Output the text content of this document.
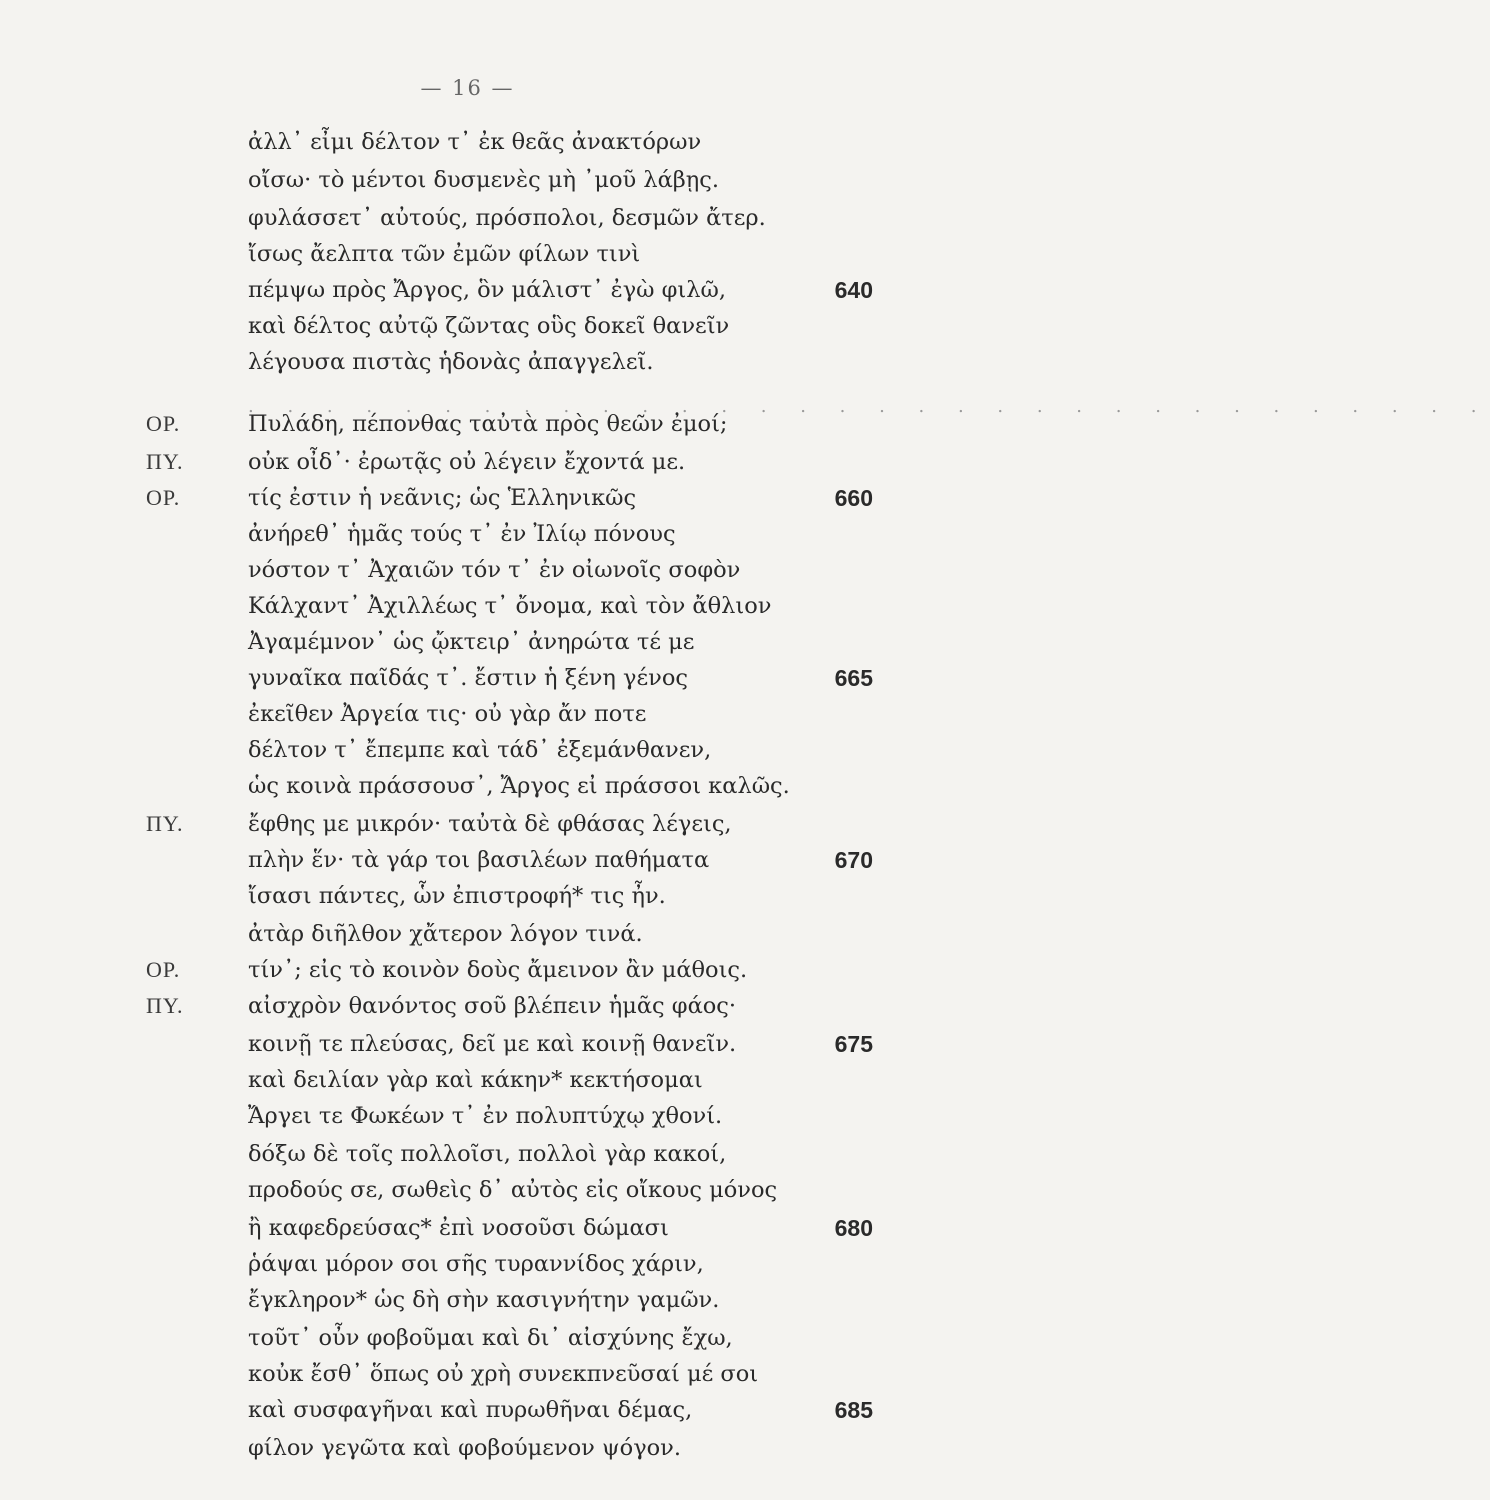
— 16 —
. . . . . . . . . . . . . . . . . . . . . . . . . . . . . . . .
ἀλλ᾽ εἶμι δέλτον τ᾽ ἐκ θεᾶς ἀνακτόρων
οἴσω· τὸ μέντοι δυσμενὲς μὴ ᾽μοῦ λάβῃς.
φυλάσσετ᾽ αὐτούς, πρόσπολοι, δεσμῶν ἄτερ.
ἴσως ἄελπτα τῶν ἐμῶν φίλων τινὶ
πέμψω πρὸς Ἄργος, ὃν μάλιστ᾽ ἐγὼ φιλῶ,	640
καὶ δέλτος αὐτῷ ζῶντας οὓς δοκεῖ θανεῖν
λέγουσα πιστὰς ἡδονὰς ἀπαγγελεῖ.
ΟΡ.	Πυλάδη, πέπονθας ταὐτὰ πρὸς θεῶν ἐμοί;
ΠΥ.	οὐκ οἶδ᾽· ἐρωτᾷς οὐ λέγειν ἔχοντά με.
ΟΡ.	τίς ἐστιν ἡ νεᾶνις; ὡς Ἑλληνικῶς	660
ἀνήρεθ᾽ ἡμᾶς τούς τ᾽ ἐν Ἰλίῳ πόνους
νόστον τ᾽ Ἀχαιῶν τόν τ᾽ ἐν οἰωνοῖς σοφὸν
Κάλχαντ᾽ Ἀχιλλέως τ᾽ ὄνομα, καὶ τὸν ἄθλιον
Ἀγαμέμνον᾽ ὡς ᾤκτειρ᾽ ἀνηρώτα τέ με
γυναῖκα παῖδάς τ᾽. ἔστιν ἡ ξένη γένος	665
ἐκεῖθεν Ἀργεία τις· οὐ γὰρ ἄν ποτε
δέλτον τ᾽ ἔπεμπε καὶ τάδ᾽ ἐξεμάνθανεν,
ὡς κοινὰ πράσσουσ᾽, Ἄργος εἰ πράσσοι καλῶς.
ΠΥ.	ἔφθης με μικρόν· ταὐτὰ δὲ φθάσας λέγεις,
πλὴν ἕν· τὰ γάρ τοι βασιλέων παθήματα	670
ἴσασι πάντες, ὧν ἐπιστροφή* τις ἦν.
ἀτὰρ διῆλθον χἄτερον λόγον τινά.
ΟΡ.	τίν᾽; εἰς τὸ κοινὸν δοὺς ἄμεινον ἂν μάθοις.
ΠΥ.	αἰσχρὸν θανόντος σοῦ βλέπειν ἡμᾶς φάος·
κοινῇ τε πλεύσας, δεῖ με καὶ κοινῇ θανεῖν.	675
καὶ δειλίαν γὰρ καὶ κάκην* κεκτήσομαι
Ἄργει τε Φωκέων τ᾽ ἐν πολυπτύχῳ χθονί.
δόξω δὲ τοῖς πολλοῖσι, πολλοὶ γὰρ κακοί,
προδούς σε, σωθεὶς δ᾽ αὐτὸς εἰς οἴκους μόνος
ἢ καφεδρεύσας* ἐπὶ νοσοῦσι δώμασι	680
ῥάψαι μόρον σοι σῆς τυραννίδος χάριν,
ἔγκληρον* ὡς δὴ σὴν κασιγνήτην γαμῶν.
τοῦτ᾽ οὖν φοβοῦμαι καὶ δι᾽ αἰσχύνης ἔχω,
κοὐκ ἔσθ᾽ ὅπως οὐ χρὴ συνεκπνεῦσαί μέ σοι
καὶ συσφαγῆναι καὶ πυρωθῆναι δέμας,	685
φίλον γεγῶτα καὶ φοβούμενον ψόγον.
